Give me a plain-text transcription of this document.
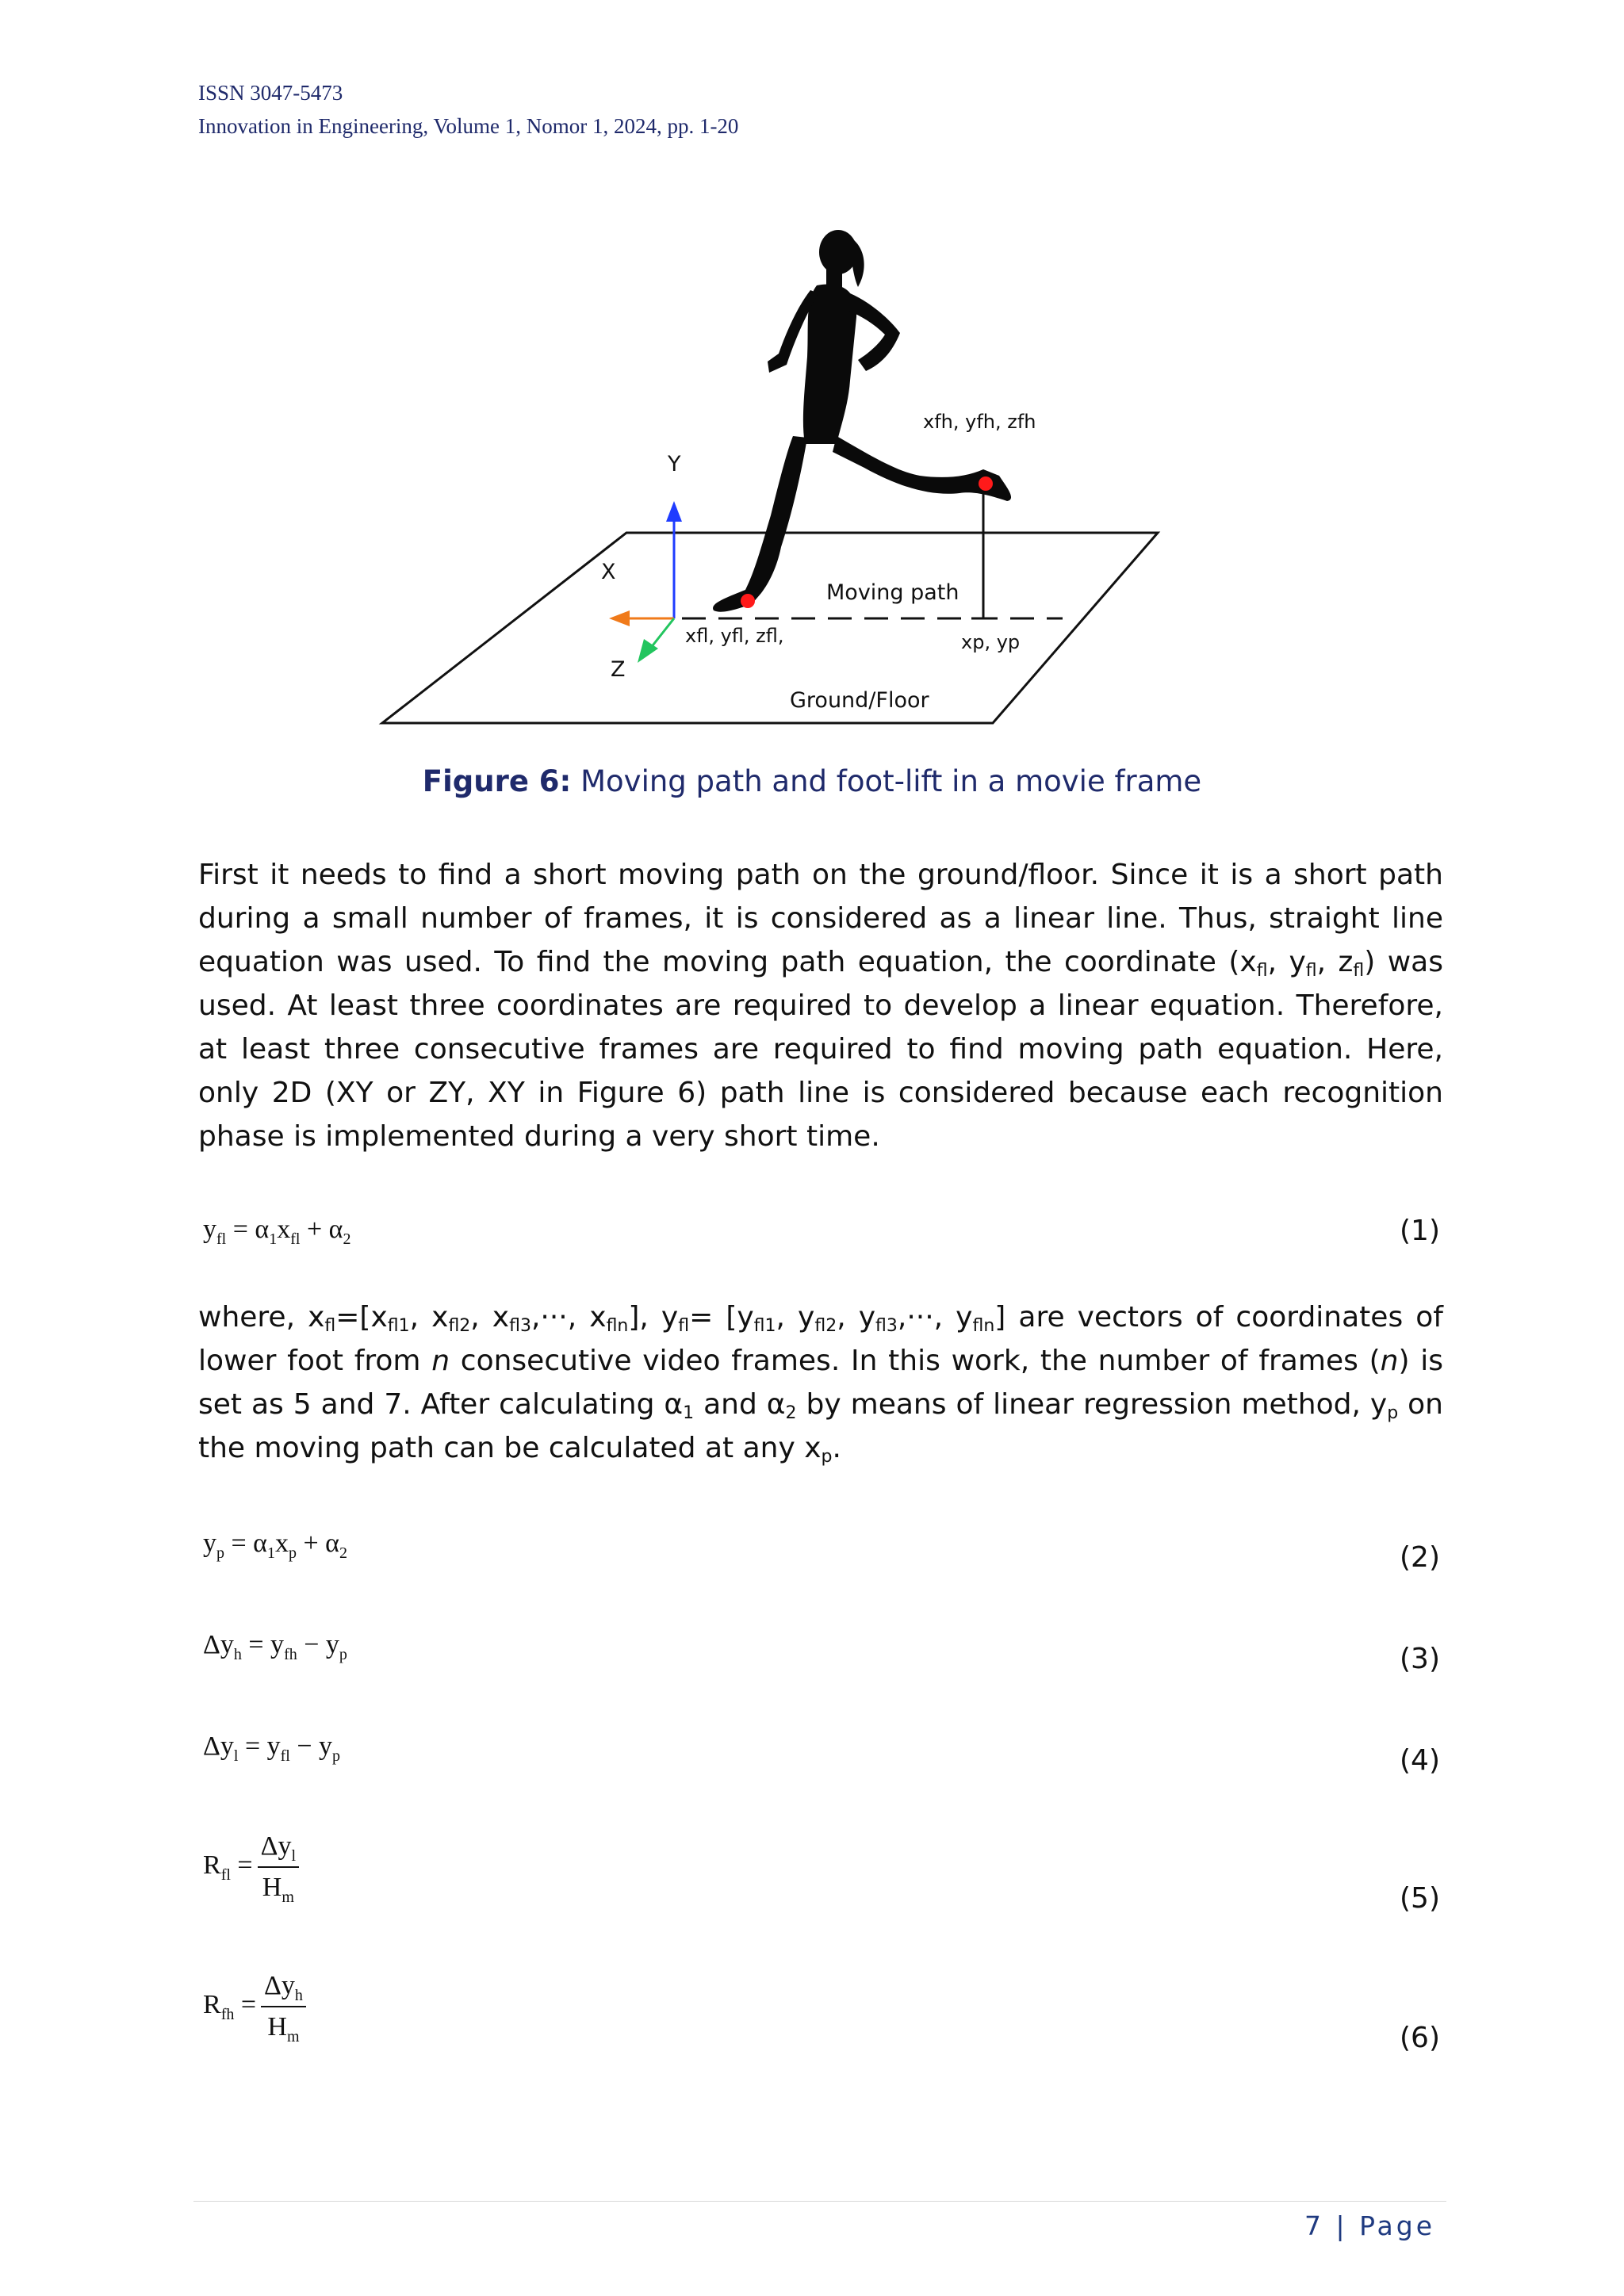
ISSN 3047-5473
Innovation in Engineering, Volume 1, Nomor 1, 2024, pp. 1-20
Y
X
Z
xfh, yfh, zfh
xfl, yfl, zfl,
Moving path
xp, yp
Ground/Floor
Figure 6: Moving path and foot-lift in a movie frame
First it needs to find a short moving path on the ground/floor. Since it is a short path during a small number of frames, it is considered as a linear line. Thus, straight line equation was used. To find the moving path equation, the coordinate ($x_{fl}$, $y_{fl}$, $z_{fl}$) was used. At least three coordinates are required to develop a linear equation. Therefore, at least three consecutive frames are required to find moving path equation. Here, only 2D (XY or ZY, XY in Figure 6) path line is considered because each recognition phase is implemented during a very short time.
$y_{fl} = \alpha_1x_{fl} + \alpha_2$	(1)
where, $x_{fl}=[x_{fl1}$, $x_{fl2}$, $x_{fl3},\cdot\cdot\cdot$, $x_{fln}$], $y_{fl}= [y_{fl1}$, $y_{fl2}$, $y_{fl3},\cdot\cdot\cdot$, $y_{fln}$] are vectors of coordinates of lower foot from n consecutive video frames. In this work, the number of frames (n) is set as 5 and 7. After calculating $\alpha_1$ and $\alpha_2$ by means of linear regression method, $y_p$ on the moving path can be calculated at any $x_p$.
$y_p = \alpha_1x_p + \alpha_2$	(2)
$\Delta y_h = y_{fh} - y_p$	(3)
$\Delta y_l = y_{fl} - y_p$	(4)
$R_{fl} = \frac{\Delta y_l}{H_m}$	(5)
$R_{fh} = \frac{\Delta y_h}{H_m}$	(6)
7 | Page
